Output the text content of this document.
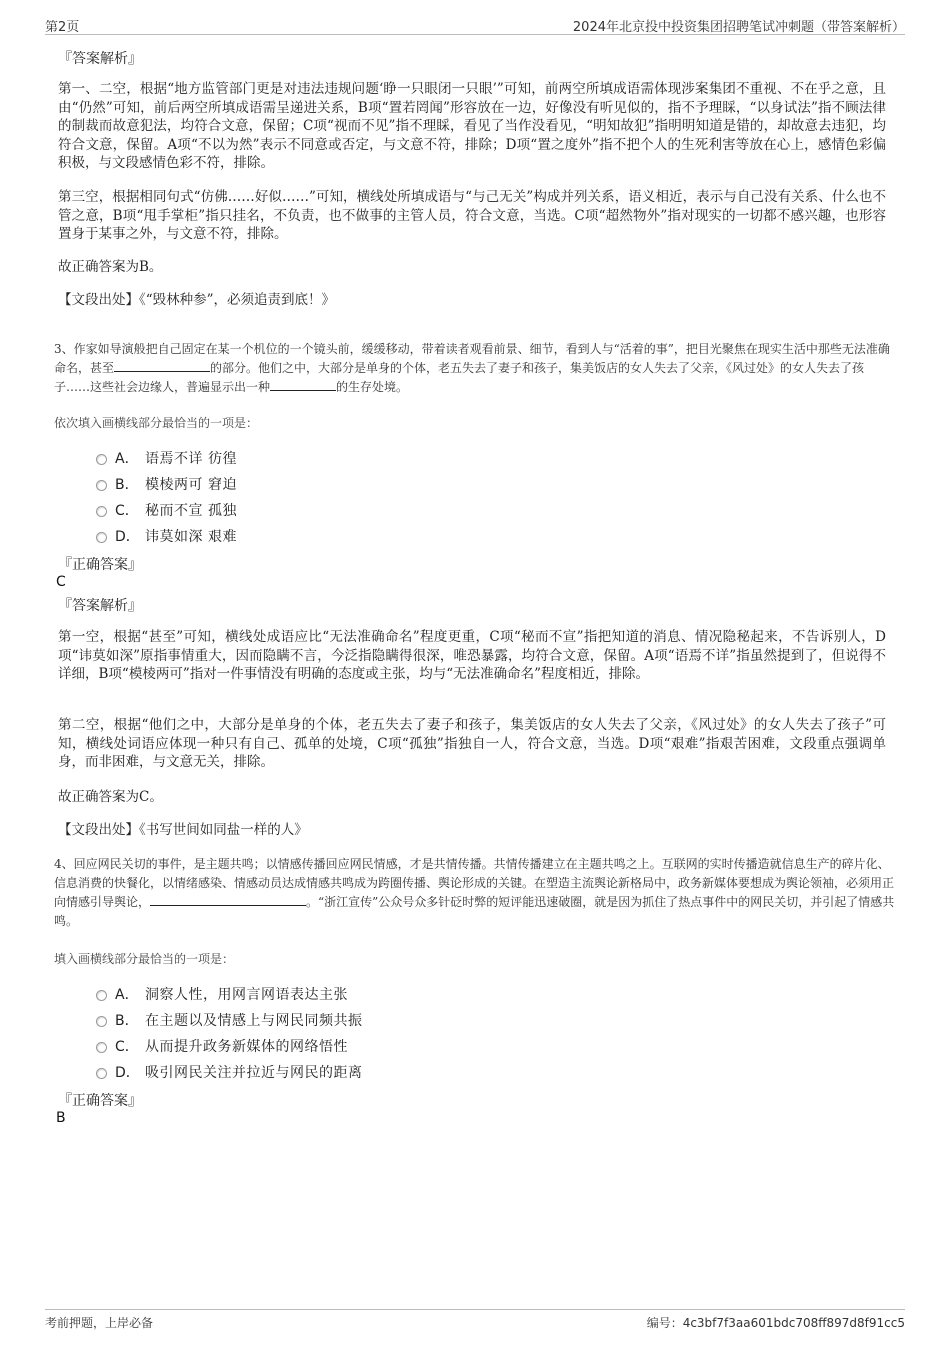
第2页	2024年北京投中投资集团招聘笔试冲刺题（带答案解析）
『答案解析』
第一、二空，根据“地方监管部门更是对违法违规问题‘睁一只眼闭一只眼’”可知，前两空所填成语需体现涉案集团不重视、不在乎之意，且由“仍然”可知，前后两空所填成语需呈递进关系，B项“置若罔闻”形容放在一边，好像没有听见似的，指不予理睬，“以身试法”指不顾法律的制裁而故意犯法，均符合文意，保留；C项“视而不见”指不理睬，看见了当作没看见，“明知故犯”指明明知道是错的，却故意去违犯，均符合文意，保留。A项“不以为然”表示不同意或否定，与文意不符，排除；D项“置之度外”指不把个人的生死利害等放在心上，感情色彩偏积极，与文段感情色彩不符，排除。
第三空，根据相同句式“仿佛……好似……”可知，横线处所填成语与“与己无关”构成并列关系，语义相近，表示与自己没有关系、什么也不管之意，B项“甩手掌柜”指只挂名，不负责，也不做事的主管人员，符合文意，当选。C项“超然物外”指对现实的一切都不感兴趣，也形容置身于某事之外，与文意不符，排除。
故正确答案为B。
【文段出处】《“毁林种参”，必须追责到底！》
3、作家如导演般把自己固定在某一个机位的一个镜头前，缓缓移动，带着读者观看前景、细节，看到人与“活着的事”，把目光聚焦在现实生活中那些无法准确命名，甚至	的部分。他们之中，大部分是单身的个体，老五失去了妻子和孩子，集美饭店的女人失去了父亲，《风过处》的女人失去了孩子……这些社会边缘人，普遍显示出一种	的生存处境。
依次填入画横线部分最恰当的一项是：
A． 语焉不详 彷徨
B． 模棱两可 窘迫
C． 秘而不宣 孤独
D． 讳莫如深 艰难
『正确答案』
C
『答案解析』
第一空，根据“甚至”可知，横线处成语应比“无法准确命名”程度更重，C项“秘而不宣”指把知道的消息、情况隐秘起来，不告诉别人，D项“讳莫如深”原指事情重大，因而隐瞒不言，今泛指隐瞒得很深，唯恐暴露，均符合文意，保留。A项“语焉不详”指虽然提到了，但说得不详细，B项“模棱两可”指对一件事情没有明确的态度或主张，均与“无法准确命名”程度相近，排除。
第二空，根据“他们之中，大部分是单身的个体，老五失去了妻子和孩子，集美饭店的女人失去了父亲，《风过处》的女人失去了孩子”可知，横线处词语应体现一种只有自己、孤单的处境，C项“孤独”指独自一人，符合文意，当选。D项“艰难”指艰苦困难，文段重点强调单身，而非困难，与文意无关，排除。
故正确答案为C。
【文段出处】《书写世间如同盐一样的人》
4、回应网民关切的事件，是主题共鸣；以情感传播回应网民情感，才是共情传播。共情传播建立在主题共鸣之上。互联网的实时传播造就信息生产的碎片化、信息消费的快餐化，以情绪感染、情感动员达成情感共鸣成为跨圈传播、舆论形成的关键。在塑造主流舆论新格局中，政务新媒体要想成为舆论领袖，必须用正向情感引导舆论，	。“浙江宣传”公众号众多针砭时弊的短评能迅速破圈，就是因为抓住了热点事件中的网民关切，并引起了情感共鸣。
填入画横线部分最恰当的一项是：
A． 洞察人性，用网言网语表达主张
B． 在主题以及情感上与网民同频共振
C． 从而提升政务新媒体的网络悟性
D． 吸引网民关注并拉近与网民的距离
『正确答案』
B
考前押题，上岸必备	编号：4c3bf7f3aa601bdc708ff897d8f91cc5
